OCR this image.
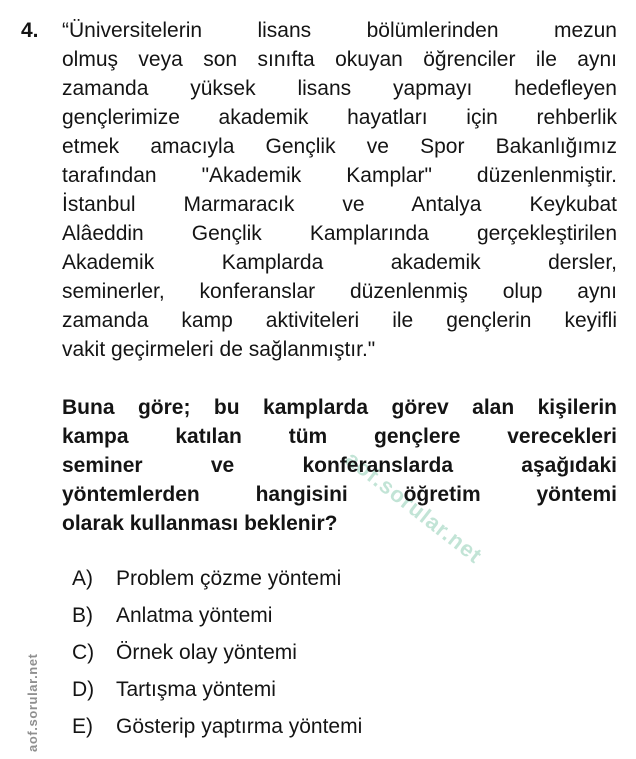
aof.sorular.net
aof.sorular.net
4. “Üniversitelerin lisans bölümlerinden mezun
olmuş veya son sınıfta okuyan öğrenciler ile aynı
zamanda yüksek lisans yapmayı hedefleyen
gençlerimize akademik hayatları için rehberlik
etmek amacıyla Gençlik ve Spor Bakanlığımız
tarafından "Akademik Kamplar" düzenlenmiştir.
İstanbul Marmaracık ve Antalya Keykubat
Alâeddin Gençlik Kamplarında gerçekleştirilen
Akademik Kamplarda akademik dersler,
seminerler, konferanslar düzenlenmiş olup aynı
zamanda kamp aktiviteleri ile gençlerin keyifli
vakit geçirmeleri de sağlanmıştır."
Buna göre; bu kamplarda görev alan kişilerin
kampa katılan tüm gençlere verecekleri
seminer ve konferanslarda aşağıdaki
yöntemlerden hangisini öğretim yöntemi
olarak kullanması beklenir?
A)	Problem çözme yöntemi
B)	Anlatma yöntemi
C)	Örnek olay yöntemi
D)	Tartışma yöntemi
E)	Gösterip yaptırma yöntemi
